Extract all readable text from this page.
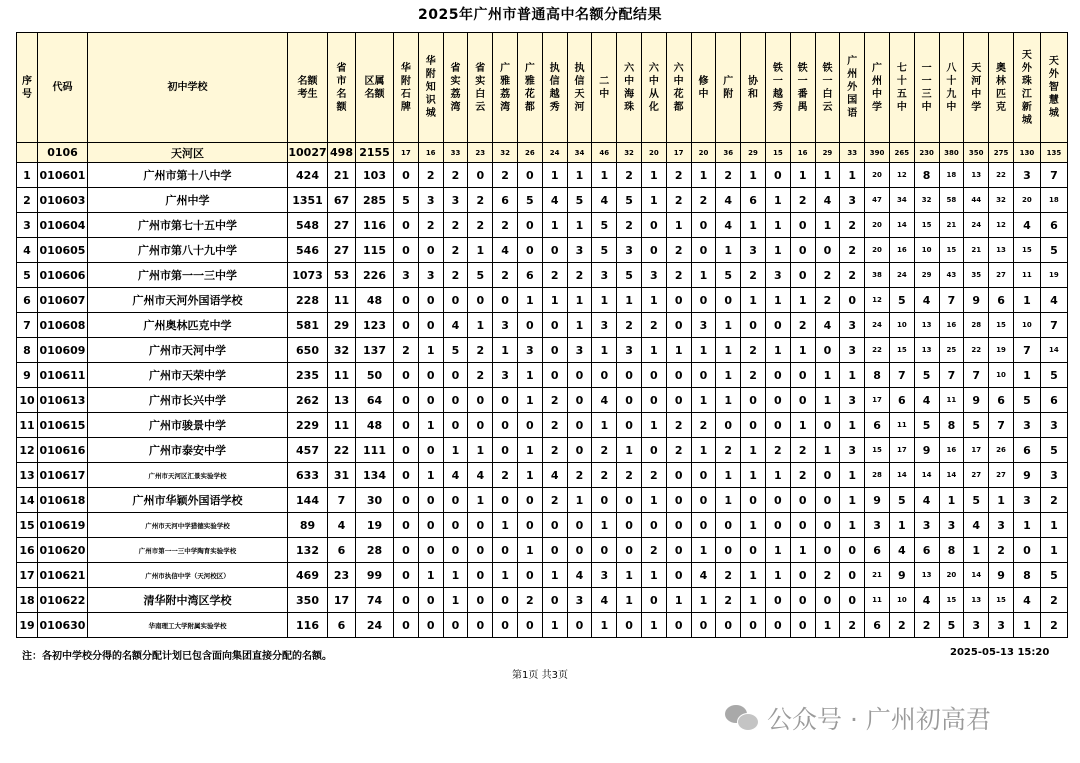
2025年广州市普通高中名额分配结果
序号	代码	初中学校	名额考生	省市名额	区属名额	华附石牌	华附知识城	省实荔湾	省实白云	广雅荔湾	广雅花都	执信越秀	执信天河	二中	六中海珠	六中从化	六中花都	修中	广附	协和	铁一越秀	铁一番禺	铁一白云	广州外国语	广州中学	七十五中	一一三中	八十九中	天河中学	奥林匹克	天外珠江新城	天外智慧城
	0106	天河区	10027	498	2155	17	16	33	23	32	26	24	34	46	32	20	17	20	36	29	15	16	29	33	390	265	230	380	350	275	130	135
1	010601	广州市第十八中学	424	21	103	0	2	2	0	2	0	1	1	1	2	1	2	1	2	1	0	1	1	1	20	12	8	18	13	22	3	7
2	010603	广州中学	1351	67	285	5	3	3	2	6	5	4	5	4	5	1	2	2	4	6	1	2	4	3	47	34	32	58	44	32	20	18
3	010604	广州市第七十五中学	548	27	116	0	2	2	2	2	0	1	1	5	2	0	1	0	4	1	1	0	1	2	20	14	15	21	24	12	4	6
4	010605	广州市第八十九中学	546	27	115	0	0	2	1	4	0	0	3	5	3	0	2	0	1	3	1	0	0	2	20	16	10	15	21	13	15	5
5	010606	广州市第一一三中学	1073	53	226	3	3	2	5	2	6	2	2	3	5	3	2	1	5	2	3	0	2	2	38	24	29	43	35	27	11	19
6	010607	广州市天河外国语学校	228	11	48	0	0	0	0	0	1	1	1	1	1	1	0	0	0	1	1	1	2	0	12	5	4	7	9	6	1	4
7	010608	广州奥林匹克中学	581	29	123	0	0	4	1	3	0	0	1	3	2	2	0	3	1	0	0	2	4	3	24	10	13	16	28	15	10	7
8	010609	广州市天河中学	650	32	137	2	1	5	2	1	3	0	3	1	3	1	1	1	1	2	1	1	0	3	22	15	13	25	22	19	7	14
9	010611	广州市天荣中学	235	11	50	0	0	0	2	3	1	0	0	0	0	0	0	0	1	2	0	0	1	1	8	7	5	7	7	10	1	5
10	010613	广州市长兴中学	262	13	64	0	0	0	0	0	1	2	0	4	0	0	0	1	1	0	0	0	1	3	17	6	4	11	9	6	5	6
11	010615	广州市骏景中学	229	11	48	0	1	0	0	0	0	2	0	1	0	1	2	2	0	0	0	1	0	1	6	11	5	8	5	7	3	3
12	010616	广州市泰安中学	457	22	111	0	0	1	1	0	1	2	0	2	1	0	2	1	2	1	2	2	1	3	15	17	9	16	17	26	6	5
13	010617	广州市天河区汇景实验学校	633	31	134	0	1	4	4	2	1	4	2	2	2	2	0	0	1	1	1	2	0	1	28	14	14	14	27	27	9	3
14	010618	广州市华颖外国语学校	144	7	30	0	0	0	1	0	0	2	1	0	0	1	0	0	1	0	0	0	0	1	9	5	4	1	5	1	3	2
15	010619	广州市天河中学猎德实验学校	89	4	19	0	0	0	0	1	0	0	0	1	0	0	0	0	0	1	0	0	0	1	3	1	3	3	4	3	1	1
16	010620	广州市第一一三中学陶育实验学校	132	6	28	0	0	0	0	0	1	0	0	0	0	2	0	1	0	0	1	1	0	0	6	4	6	8	1	2	0	1
17	010621	广州市执信中学（天河校区）	469	23	99	0	1	1	0	1	0	1	4	3	1	1	0	4	2	1	1	0	2	0	21	9	13	20	14	9	8	5
18	010622	清华附中湾区学校	350	17	74	0	0	1	0	0	2	0	3	4	1	0	1	1	2	1	0	0	0	0	11	10	4	15	13	15	4	2
19	010630	华南理工大学附属实验学校	116	6	24	0	0	0	0	0	0	1	0	1	0	1	0	0	0	0	0	0	1	2	6	2	2	5	3	3	1	2
注：各初中学校分得的名额分配计划已包含面向集团直接分配的名额。	2025-05-13 15:20
第1页 共3页
公众号 · 广州初高君
